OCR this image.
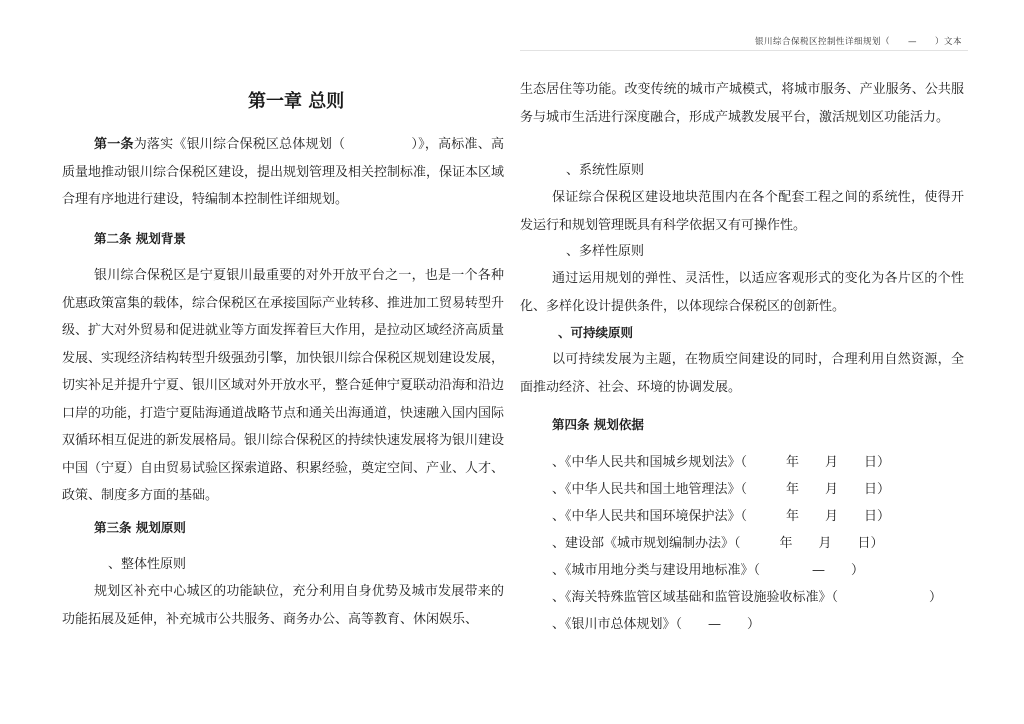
银川综合保税区控制性详细规划（　　—　　）文本
第一章 总则

第一条为落实《银川综合保税区总体规划（　　　　　）》，高标准、高质量地推动银川综合保税区建设，提出规划管理及相关控制标准，保证本区域合理有序地进行建设，特编制本控制性详细规划。

第二条 规划背景

银川综合保税区是宁夏银川最重要的对外开放平台之一，也是一个各种优惠政策富集的载体，综合保税区在承接国际产业转移、推进加工贸易转型升级、扩大对外贸易和促进就业等方面发挥着巨大作用，是拉动区域经济高质量发展、实现经济结构转型升级强劲引擎，加快银川综合保税区规划建设发展，切实补足并提升宁夏、银川区域对外开放水平，整合延伸宁夏联动沿海和沿边口岸的功能，打造宁夏陆海通道战略节点和通关出海通道，快速融入国内国际双循环相互促进的新发展格局。银川综合保税区的持续快速发展将为银川建设中国（宁夏）自由贸易试验区探索道路、积累经验，奠定空间、产业、人才、政策、制度多方面的基础。

第三条 规划原则

、整体性原则

规划区补充中心城区的功能缺位，充分利用自身优势及城市发展带来的功能拓展及延伸，补充城市公共服务、商务办公、高等教育、休闲娱乐、

生态居住等功能。改变传统的城市产城模式，将城市服务、产业服务、公共服务与城市生活进行深度融合，形成产城教发展平台，激活规划区功能活力。

、系统性原则

保证综合保税区建设地块范围内在各个配套工程之间的系统性，使得开发运行和规划管理既具有科学依据又有可操作性。

、多样性原则

通过运用规划的弹性、灵活性，以适应客观形式的变化为各片区的个性化、多样化设计提供条件，以体现综合保税区的创新性。

、可持续原则

以可持续发展为主题，在物质空间建设的同时，合理利用自然资源，全面推动经济、社会、环境的协调发展。

第四条 规划依据

、《中华人民共和国城乡规划法》（　　　年　　月　　日）
、《中华人民共和国土地管理法》（　　　年　　月　　日）
、《中华人民共和国环境保护法》（　　　年　　月　　日）
、建设部《城市规划编制办法》（　　　年　　月　　日）
、《城市用地分类与建设用地标准》（　　　　—　　）
、《海关特殊监管区域基础和监管设施验收标准》（　　　　　　　）
、《银川市总体规划》（　　—　　）
